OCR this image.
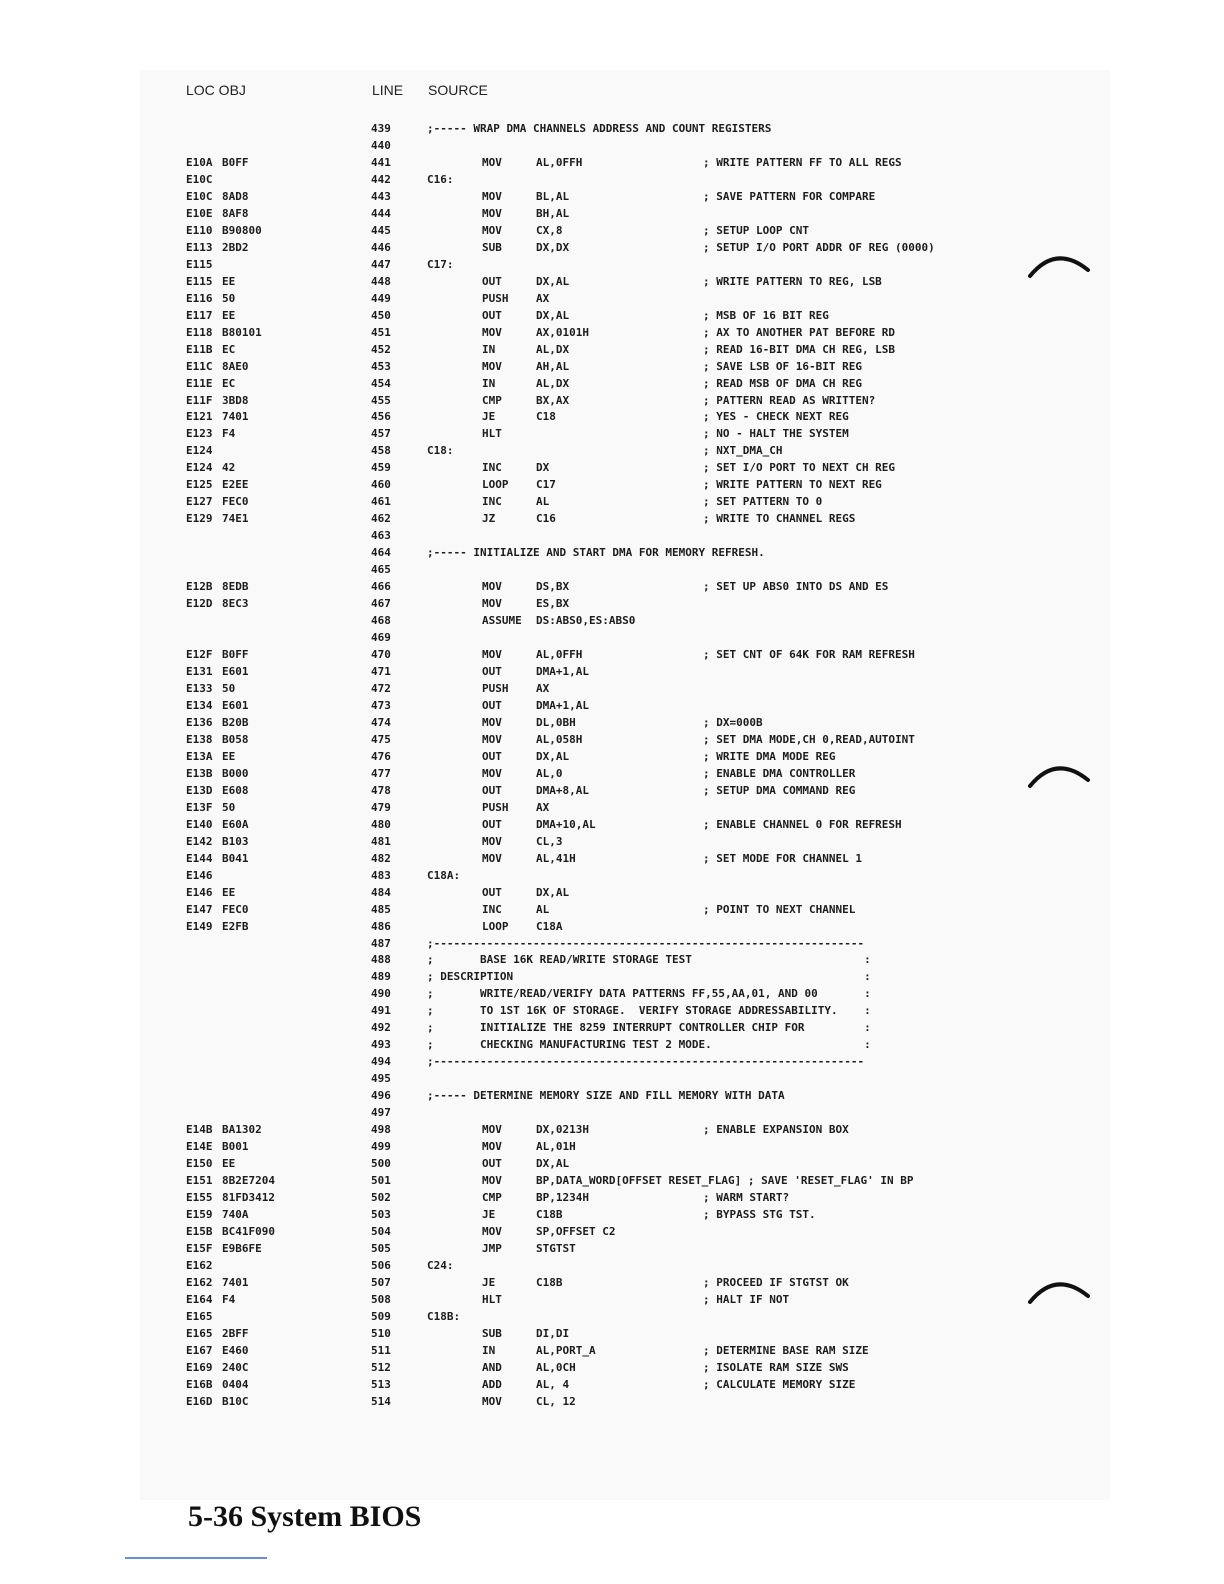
LOC OBJ	LINE SOURCE
439	;----- WRAP DMA CHANNELS ADDRESS AND COUNT REGISTERS
440
E10A B0FF	441	MOV	AL,0FFH	; WRITE PATTERN FF TO ALL REGS
E10C	442	C16:
E10C 8AD8	443	MOV	BL,AL	; SAVE PATTERN FOR COMPARE
E10E 8AF8	444	MOV	BH,AL
E110 B90800	445	MOV	CX,8	; SETUP LOOP CNT
E113 2BD2	446	SUB	DX,DX	; SETUP I/O PORT ADDR OF REG (0000)
E115	447	C17:
E115 EE	448	OUT	DX,AL	; WRITE PATTERN TO REG, LSB
E116 50	449	PUSH	AX
E117 EE	450	OUT	DX,AL	; MSB OF 16 BIT REG
E118 B80101	451	MOV	AX,0101H	; AX TO ANOTHER PAT BEFORE RD
E11B EC	452	IN	AL,DX	; READ 16-BIT DMA CH REG, LSB
E11C 8AE0	453	MOV	AH,AL	; SAVE LSB OF 16-BIT REG
E11E EC	454	IN	AL,DX	; READ MSB OF DMA CH REG
E11F 3BD8	455	CMP	BX,AX	; PATTERN READ AS WRITTEN?
E121 7401	456	JE	C18	; YES - CHECK NEXT REG
E123 F4	457	HLT	; NO - HALT THE SYSTEM
E124	458	C18:	; NXT_DMA_CH
E124 42	459	INC	DX	; SET I/O PORT TO NEXT CH REG
E125 E2EE	460	LOOP	C17	; WRITE PATTERN TO NEXT REG
E127 FEC0	461	INC	AL	; SET PATTERN TO 0
E129 74E1	462	JZ	C16	; WRITE TO CHANNEL REGS
463
464	;----- INITIALIZE AND START DMA FOR MEMORY REFRESH.
465
E12B 8EDB	466	MOV	DS,BX	; SET UP ABS0 INTO DS AND ES
E12D 8EC3	467	MOV	ES,BX
468	ASSUME DS:ABS0,ES:ABS0
469
E12F B0FF	470	MOV	AL,0FFH	; SET CNT OF 64K FOR RAM REFRESH
E131 E601	471	OUT	DMA+1,AL
E133 50	472	PUSH	AX
E134 E601	473	OUT	DMA+1,AL
E136 B20B	474	MOV	DL,0BH	; DX=000B
E138 B058	475	MOV	AL,058H	; SET DMA MODE,CH 0,READ,AUTOINT
E13A EE	476	OUT	DX,AL	; WRITE DMA MODE REG
E13B B000	477	MOV	AL,0	; ENABLE DMA CONTROLLER
E13D E608	478	OUT	DMA+8,AL	; SETUP DMA COMMAND REG
E13F 50	479	PUSH	AX
E140 E60A	480	OUT	DMA+10,AL	; ENABLE CHANNEL 0 FOR REFRESH
E142 B103	481	MOV	CL,3
E144 B041	482	MOV	AL,41H	; SET MODE FOR CHANNEL 1
E146	483	C18A:
E146 EE	484	OUT	DX,AL
E147 FEC0	485	INC	AL	; POINT TO NEXT CHANNEL
E149 E2FB	486	LOOP	C18A
487	;-----------------------------------------------------------------
488	;       BASE 16K READ/WRITE STORAGE TEST                          :
489	; DESCRIPTION                                                     :
490	;       WRITE/READ/VERIFY DATA PATTERNS FF,55,AA,01, AND 00       :
491	;       TO 1ST 16K OF STORAGE.  VERIFY STORAGE ADDRESSABILITY.    :
492	;       INITIALIZE THE 8259 INTERRUPT CONTROLLER CHIP FOR         :
493	;       CHECKING MANUFACTURING TEST 2 MODE.                       :
494	;-----------------------------------------------------------------
495
496	;----- DETERMINE MEMORY SIZE AND FILL MEMORY WITH DATA
497
E14B BA1302	498	MOV	DX,0213H	; ENABLE EXPANSION BOX
E14E B001	499	MOV	AL,01H
E150 EE	500	OUT	DX,AL
E151 8B2E7204	501	MOV	BP,DATA_WORD[OFFSET RESET_FLAG] ; SAVE 'RESET_FLAG' IN BP
E155 81FD3412	502	CMP	BP,1234H	; WARM START?
E159 740A	503	JE	C18B	; BYPASS STG TST.
E15B BC41F090	504	MOV	SP,OFFSET C2
E15F E9B6FE	505	JMP	STGTST
E162	506	C24:
E162 7401	507	JE	C18B	; PROCEED IF STGTST OK
E164 F4	508	HLT	; HALT IF NOT
E165	509	C18B:
E165 2BFF	510	SUB	DI,DI
E167 E460	511	IN	AL,PORT_A	; DETERMINE BASE RAM SIZE
E169 240C	512	AND	AL,0CH	; ISOLATE RAM SIZE SWS
E16B 0404	513	ADD	AL, 4	; CALCULATE MEMORY SIZE
E16D B10C	514	MOV	CL, 12
5-36 System BIOS
